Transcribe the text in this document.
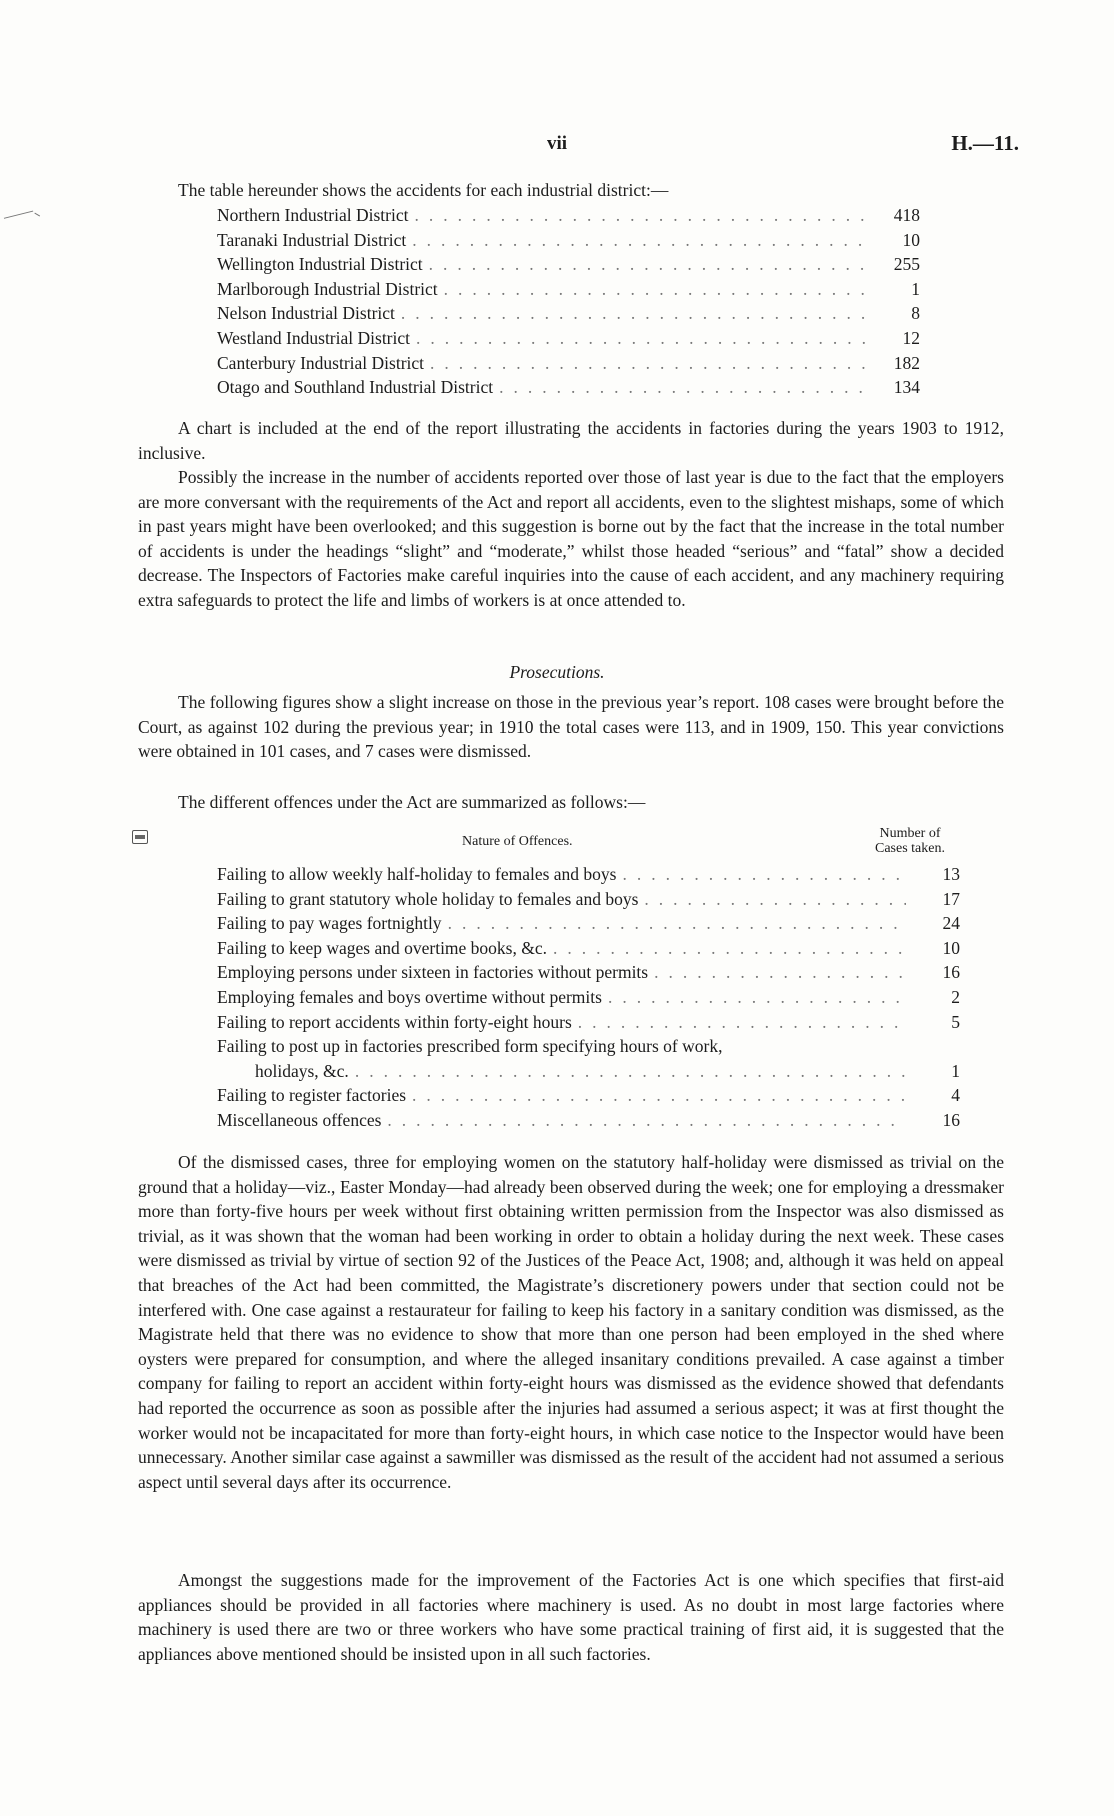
vii	H.—11.
The table hereunder shows the accidents for each industrial district:—
Northern Industrial District .....	418
Taranaki Industrial District .....	10
Wellington Industrial District .....	255
Marlborough Industrial District .....	1
Nelson Industrial District .....	8
Westland Industrial District .....	12
Canterbury Industrial District .....	182
Otago and Southland Industrial District .....	134

A chart is included at the end of the report illustrating the accidents in factories during the years 1903 to 1912, inclusive.

Possibly the increase in the number of accidents reported over those of last year is due to the fact that the employers are more conversant with the requirements of the Act and report all accidents, even to the slightest mishaps, some of which in past years might have been overlooked; and this suggestion is borne out by the fact that the increase in the total number of accidents is under the headings “slight” and “moderate,” whilst those headed “serious” and “fatal” show a decided decrease. The Inspectors of Factories make careful inquiries into the cause of each accident, and any machinery requiring extra safeguards to protect the life and limbs of workers is at once attended to.

Prosecutions.

The following figures show a slight increase on those in the previous year’s report. 108 cases were brought before the Court, as against 102 during the previous year; in 1910 the total cases were 113, and in 1909, 150. This year convictions were obtained in 101 cases, and 7 cases were dismissed.

The different offences under the Act are summarized as follows:—

Nature of Offences.
Number of
Cases taken.
Failing to allow weekly half-holiday to females and boys .....	13
Failing to grant statutory whole holiday to females and boys .....	17
Failing to pay wages fortnightly .....	24
Failing to keep wages and overtime books, &c. .....	10
Employing persons under sixteen in factories without permits .....	16
Employing females and boys overtime without permits .....	2
Failing to report accidents within forty-eight hours .....	5
Failing to post up in factories prescribed form specifying hours of work,
holidays, &c. .....	1
Failing to register factories .....	4
Miscellaneous offences .....	16

Of the dismissed cases, three for employing women on the statutory half-holiday were dismissed as trivial on the ground that a holiday—viz., Easter Monday—had already been observed during the week; one for employing a dressmaker more than forty-five hours per week without first obtaining written permission from the Inspector was also dismissed as trivial, as it was shown that the woman had been working in order to obtain a holiday during the next week. These cases were dismissed as trivial by virtue of section 92 of the Justices of the Peace Act, 1908; and, although it was held on appeal that breaches of the Act had been committed, the Magistrate’s discretionery powers under that section could not be interfered with. One case against a restaurateur for failing to keep his factory in a sanitary condition was dismissed, as the Magistrate held that there was no evidence to show that more than one person had been employed in the shed where oysters were prepared for consumption, and where the alleged insanitary conditions prevailed. A case against a timber company for failing to report an accident within forty-eight hours was dismissed as the evidence showed that defendants had reported the occurrence as soon as possible after the injuries had assumed a serious aspect; it was at first thought the worker would not be incapacitated for more than forty-eight hours, in which case notice to the Inspector would have been unnecessary. Another similar case against a sawmiller was dismissed as the result of the accident had not assumed a serious aspect until several days after its occurrence.

Amongst the suggestions made for the improvement of the Factories Act is one which specifies that first-aid appliances should be provided in all factories where machinery is used. As no doubt in most large factories where machinery is used there are two or three workers who have some practical training of first aid, it is suggested that the appliances above mentioned should be insisted upon in all such factories.
